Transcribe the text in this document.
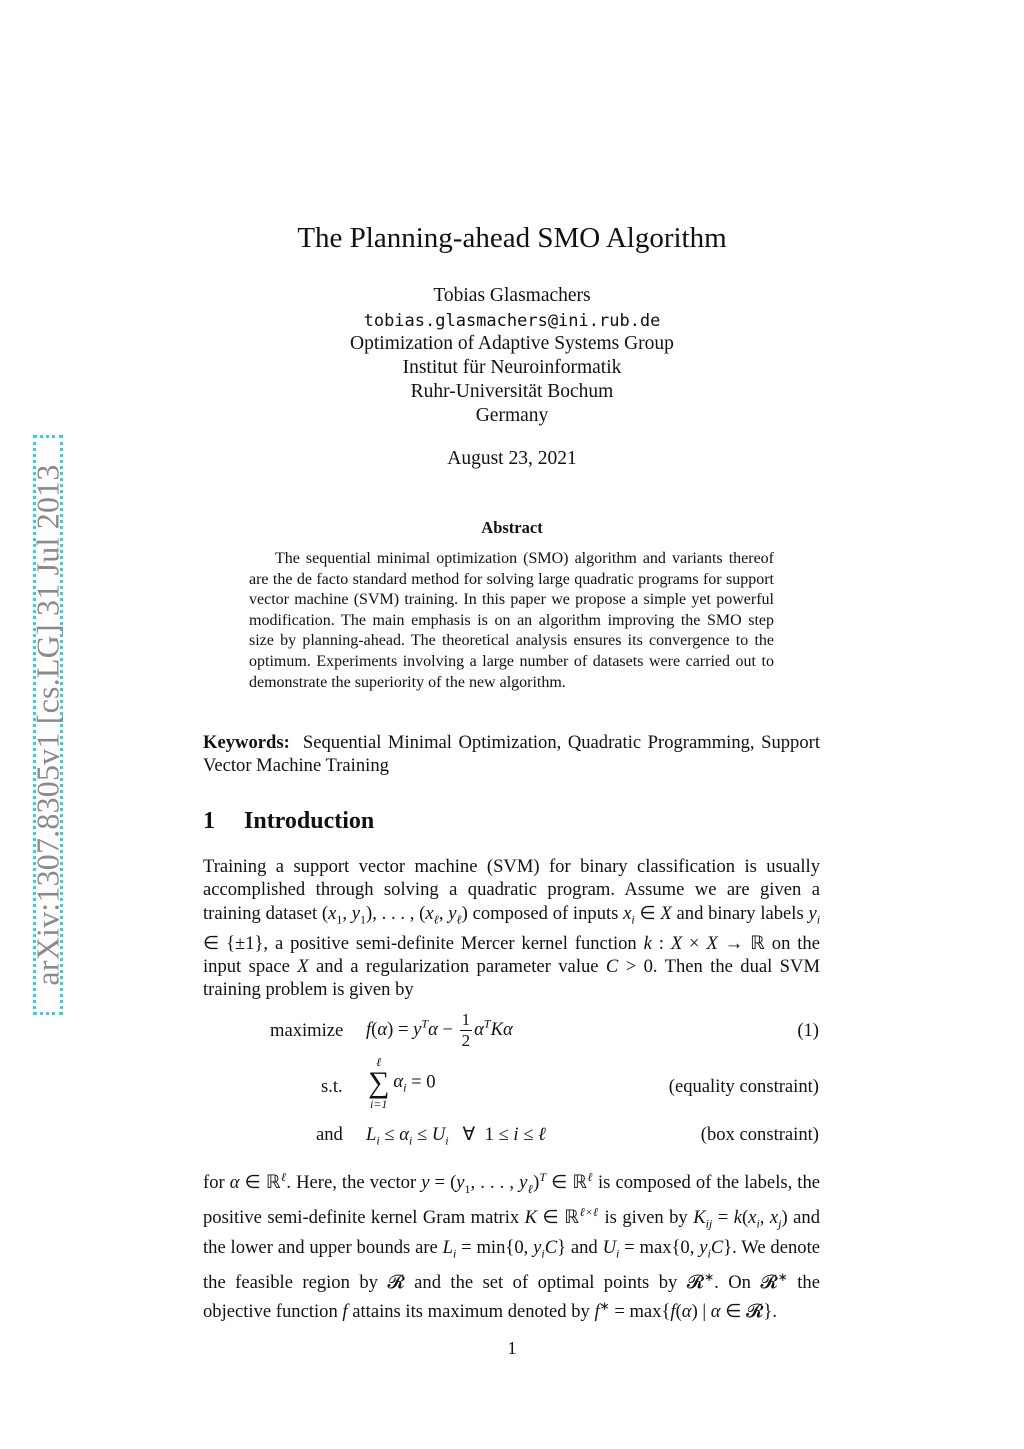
arXiv:1307.8305v1 [cs.LG] 31 Jul 2013
The Planning-ahead SMO Algorithm
Tobias Glasmachers
tobias.glasmachers@ini.rub.de
Optimization of Adaptive Systems Group
Institut für Neuroinformatik
Ruhr-Universität Bochum
Germany
August 23, 2021
Abstract
The sequential minimal optimization (SMO) algorithm and variants thereof are the de facto standard method for solving large quadratic programs for support vector machine (SVM) training. In this paper we propose a simple yet powerful modification. The main emphasis is on an algorithm improving the SMO step size by planning-ahead. The theoretical analysis ensures its convergence to the optimum. Experiments involving a large number of datasets were carried out to demonstrate the superiority of the new algorithm.
Keywords: Sequential Minimal Optimization, Quadratic Programming, Support Vector Machine Training
1 Introduction
Training a support vector machine (SVM) for binary classification is usually accomplished through solving a quadratic program. Assume we are given a training dataset ($x_1$, $y_1$), . . . , ($x_\ell$, $y_\ell$) composed of inputs $x_i$ ∈ X and binary labels $y_i$ ∈ {±1}, a positive semi-definite Mercer kernel function k : X × X → ℝ on the input space X and a regularization parameter value C > 0. Then the dual SVM training problem is given by
maximize $f(\alpha) = y^T\alpha - \frac{1}{2} \alpha^TK\alpha$	(1)
s.t.
ℓ
∑
i=1
$\alpha_i = 0$	(equality constraint)
and $L_i \le \alpha_i \le U_i$   ∀  1 ≤ i ≤ ℓ	(box constraint)
for α ∈ ℝ$^\ell$. Here, the vector $y = (y_1$, . . . , $y_\ell)^T$ ∈ ℝ$^\ell$ is composed of the labels, the positive semi-definite kernel Gram matrix K ∈ ℝ$^{\ell\times\ell}$ is given by $K_{ij} = k(x_i$, $x_j$) and the lower and upper bounds are $L_i = \min\{0$, $y_iC$} and $U_i = \max\{0$, $y_iC$}. We denote the feasible region by 𝓡 and the set of optimal points by 𝓡∗. On 𝓡∗ the objective function f attains its maximum denoted by f∗ = max{f(α) | α ∈ 𝓡}.
1
